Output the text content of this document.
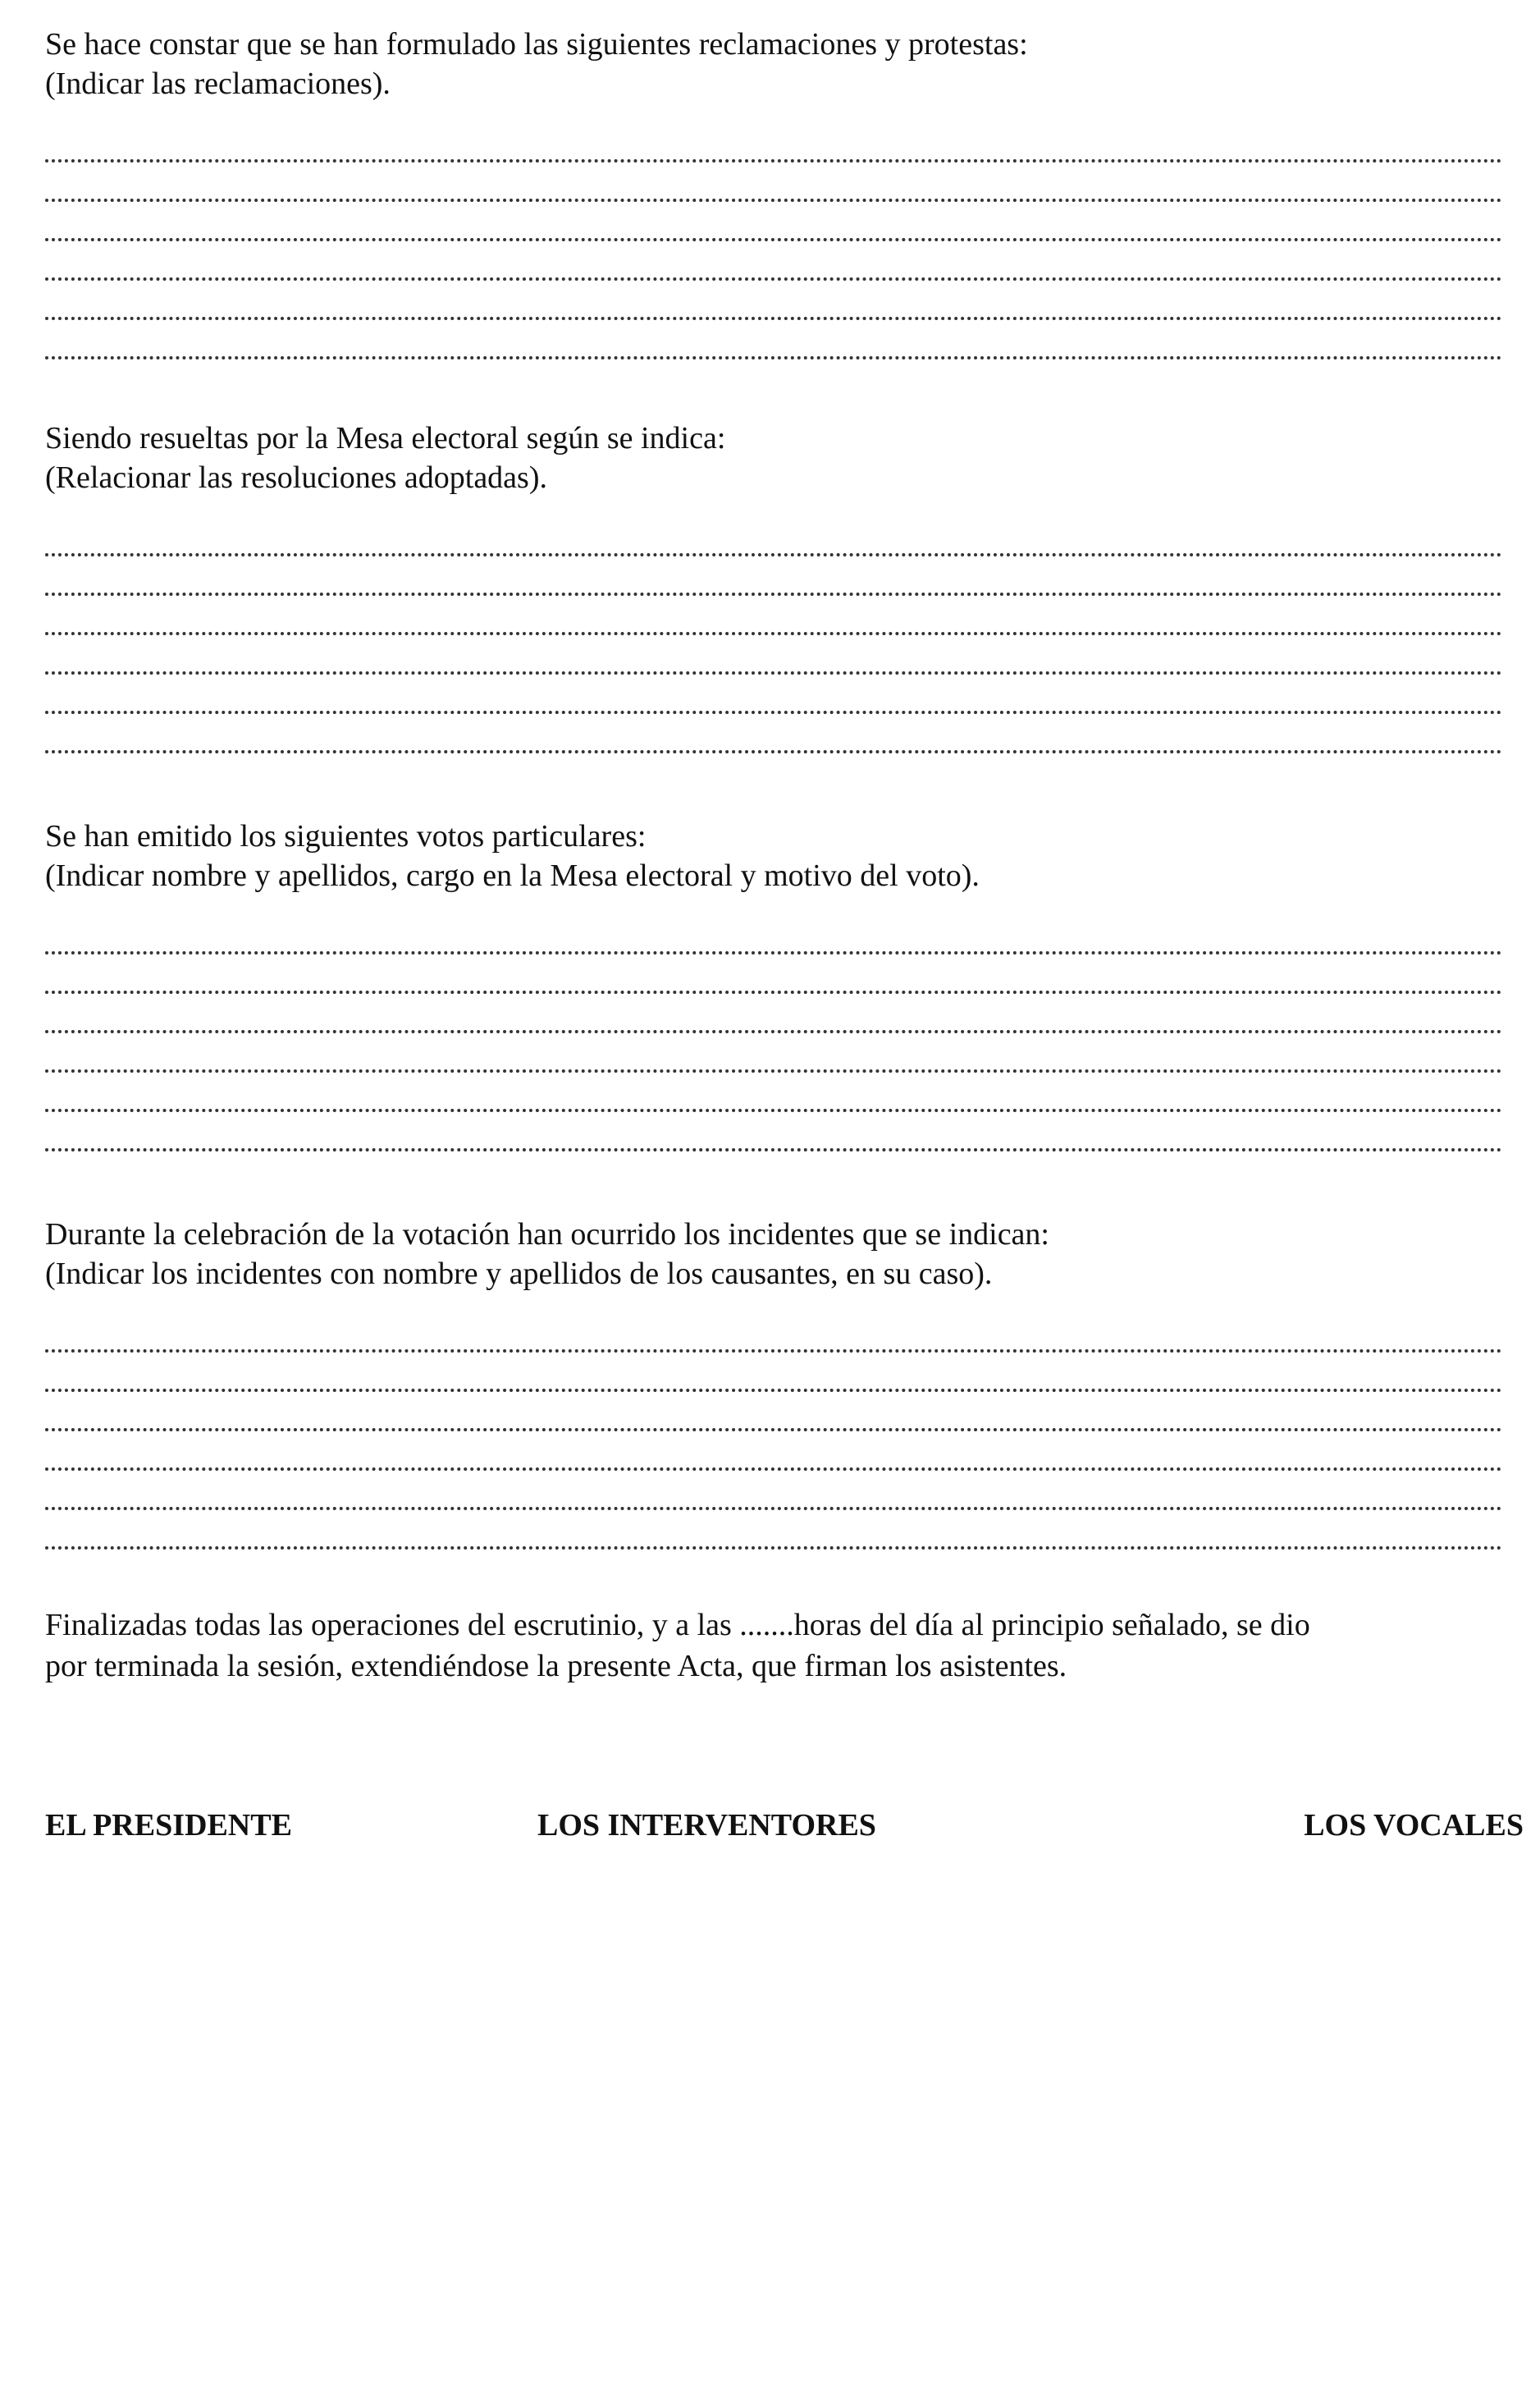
Se hace constar que se han formulado las siguientes reclamaciones y protestas:
(Indicar las reclamaciones).
Siendo resueltas por la Mesa electoral según se indica:
(Relacionar las resoluciones adoptadas).
Se han emitido los siguientes votos particulares:
(Indicar nombre y apellidos, cargo en la Mesa electoral y motivo del voto).
Durante la celebración de la votación han ocurrido los incidentes que se indican:
(Indicar los incidentes con nombre y apellidos de los causantes, en su caso).
Finalizadas todas las operaciones del escrutinio, y a las .......horas del día al principio señalado, se dio
por terminada la sesión, extendiéndose la presente Acta, que firman los asistentes.
EL PRESIDENTE	LOS INTERVENTORES	LOS VOCALES
